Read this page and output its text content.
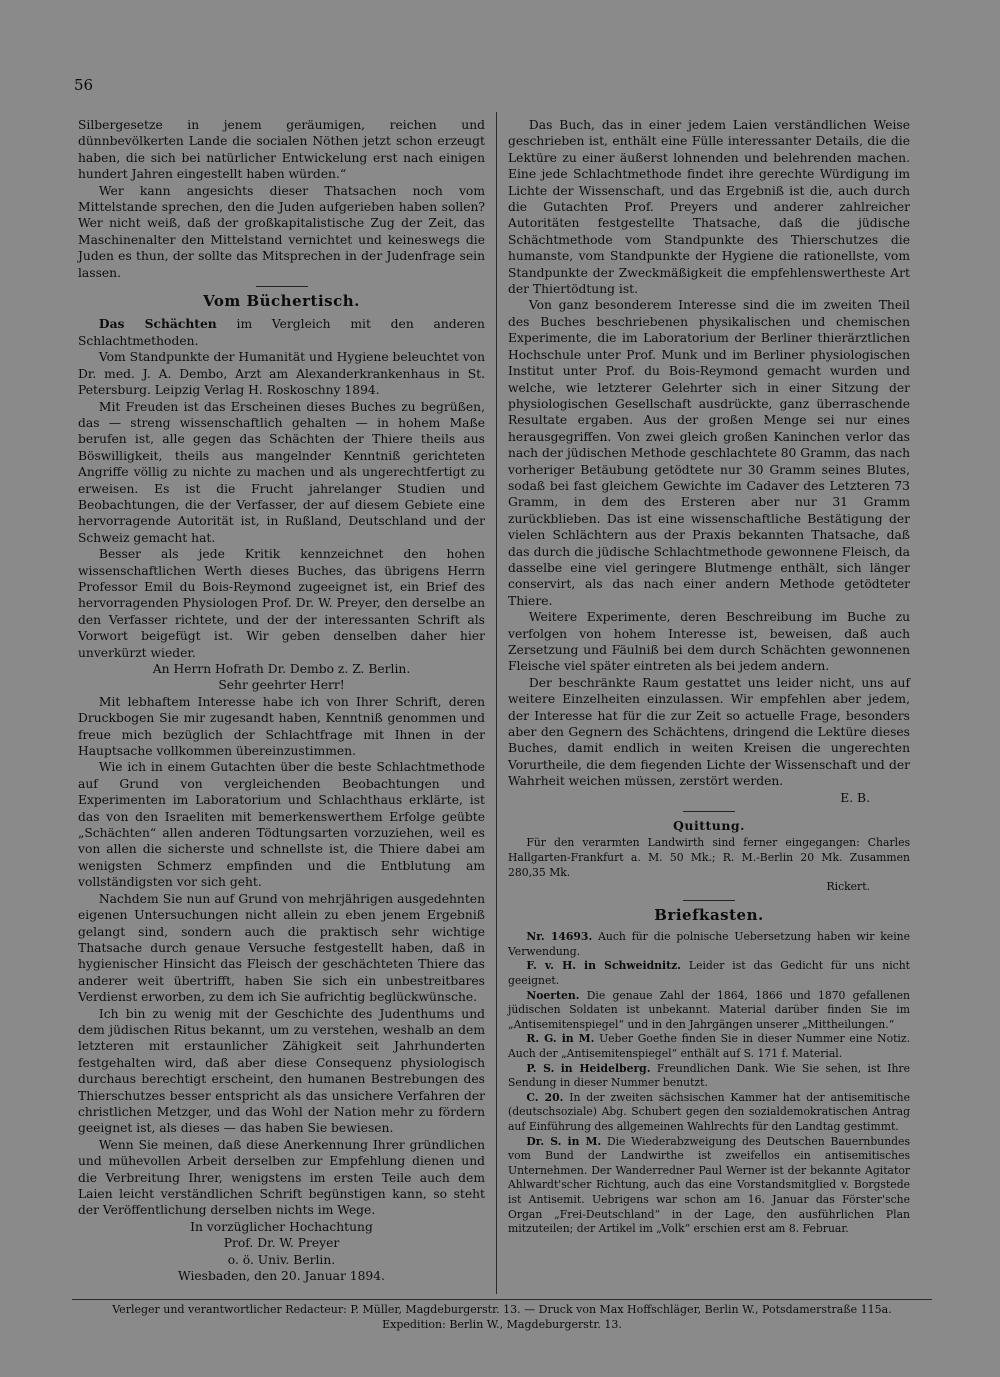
56

Silbergesetze in jenem geräumigen, reichen und dünnbevölkerten Lande die socialen Nöthen jetzt schon erzeugt haben, die sich bei natürlicher Entwickelung erst nach einigen hundert Jahren eingestellt haben würden.“

Wer kann angesichts dieser Thatsachen noch vom Mittelstande sprechen, den die Juden aufgerieben haben sollen? Wer nicht weiß, daß der großkapitalistische Zug der Zeit, das Maschinenalter den Mittelstand vernichtet und keineswegs die Juden es thun, der sollte das Mitsprechen in der Judenfrage sein lassen.

Vom Büchertisch.

Das Schächten im Vergleich mit den anderen Schlachtmethoden.

Vom Standpunkte der Humanität und Hygiene beleuchtet von Dr. med. J. A. Dembo, Arzt am Alexanderkrankenhaus in St. Petersburg. Leipzig Verlag H. Roskoschny 1894.

Mit Freuden ist das Erscheinen dieses Buches zu begrüßen, das — streng wissenschaftlich gehalten — in hohem Maße berufen ist, alle gegen das Schächten der Thiere theils aus Böswilligkeit, theils aus mangelnder Kenntniß gerichteten Angriffe völlig zu nichte zu machen und als ungerechtfertigt zu erweisen. Es ist die Frucht jahrelanger Studien und Beobachtungen, die der Verfasser, der auf diesem Gebiete eine hervorragende Autorität ist, in Rußland, Deutschland und der Schweiz gemacht hat.

Besser als jede Kritik kennzeichnet den hohen wissenschaftlichen Werth dieses Buches, das übrigens Herrn Professor Emil du Bois-Reymond zugeeignet ist, ein Brief des hervorragenden Physiologen Prof. Dr. W. Preyer, den derselbe an den Verfasser richtete, und der der interessanten Schrift als Vorwort beigefügt ist. Wir geben denselben daher hier unverkürzt wieder.

An Herrn Hofrath Dr. Dembo z. Z. Berlin.

Sehr geehrter Herr!

Mit lebhaftem Interesse habe ich von Ihrer Schrift, deren Druckbogen Sie mir zugesandt haben, Kenntniß genommen und freue mich bezüglich der Schlachtfrage mit Ihnen in der Hauptsache vollkommen übereinzustimmen.

Wie ich in einem Gutachten über die beste Schlachtmethode auf Grund von vergleichenden Beobachtungen und Experimenten im Laboratorium und Schlachthaus erklärte, ist das von den Israeliten mit bemerkenswerthem Erfolge geübte „Schächten“ allen anderen Tödtungsarten vorzuziehen, weil es von allen die sicherste und schnellste ist, die Thiere dabei am wenigsten Schmerz empfinden und die Entblutung am vollständigsten vor sich geht.

Nachdem Sie nun auf Grund von mehrjährigen ausgedehnten eigenen Untersuchungen nicht allein zu eben jenem Ergebniß gelangt sind, sondern auch die praktisch sehr wichtige Thatsache durch genaue Versuche festgestellt haben, daß in hygienischer Hinsicht das Fleisch der geschächteten Thiere das anderer weit übertrifft, haben Sie sich ein unbestreitbares Verdienst erworben, zu dem ich Sie aufrichtig beglückwünsche.

Ich bin zu wenig mit der Geschichte des Judenthums und dem jüdischen Ritus bekannt, um zu verstehen, weshalb an dem letzteren mit erstaunlicher Zähigkeit seit Jahrhunderten festgehalten wird, daß aber diese Consequenz physiologisch durchaus berechtigt erscheint, den humanen Bestrebungen des Thierschutzes besser entspricht als das unsichere Verfahren der christlichen Metzger, und das Wohl der Nation mehr zu fördern geeignet ist, als dieses — das haben Sie bewiesen.

Wenn Sie meinen, daß diese Anerkennung Ihrer gründlichen und mühevollen Arbeit derselben zur Empfehlung dienen und die Verbreitung Ihrer, wenigstens im ersten Teile auch dem Laien leicht verständlichen Schrift begünstigen kann, so steht der Veröffentlichung derselben nichts im Wege.

In vorzüglicher Hochachtung

Prof. Dr. W. Preyer

o. ö. Univ. Berlin.

Wiesbaden, den 20. Januar 1894.

Das Buch, das in einer jedem Laien verständlichen Weise geschrieben ist, enthält eine Fülle interessanter Details, die die Lektüre zu einer äußerst lohnenden und belehrenden machen. Eine jede Schlachtmethode findet ihre gerechte Würdigung im Lichte der Wissenschaft, und das Ergebniß ist die, auch durch die Gutachten Prof. Preyers und anderer zahlreicher Autoritäten festgestellte Thatsache, daß die jüdische Schächtmethode vom Standpunkte des Thierschutzes die humanste, vom Standpunkte der Hygiene die rationellste, vom Standpunkte der Zweckmäßigkeit die empfehlenswertheste Art der Thiertödtung ist.

Von ganz besonderem Interesse sind die im zweiten Theil des Buches beschriebenen physikalischen und chemischen Experimente, die im Laboratorium der Berliner thierärztlichen Hochschule unter Prof. Munk und im Berliner physiologischen Institut unter Prof. du Bois-Reymond gemacht wurden und welche, wie letzterer Gelehrter sich in einer Sitzung der physiologischen Gesellschaft ausdrückte, ganz überraschende Resultate ergaben. Aus der großen Menge sei nur eines herausgegriffen. Von zwei gleich großen Kaninchen verlor das nach der jüdischen Methode geschlachtete 80 Gramm, das nach vorheriger Betäubung getödtete nur 30 Gramm seines Blutes, sodaß bei fast gleichem Gewichte im Cadaver des Letzteren 73 Gramm, in dem des Ersteren aber nur 31 Gramm zurückblieben. Das ist eine wissenschaftliche Bestätigung der vielen Schlächtern aus der Praxis bekannten Thatsache, daß das durch die jüdische Schlachtmethode gewonnene Fleisch, da dasselbe eine viel geringere Blutmenge enthält, sich länger conservirt, als das nach einer andern Methode getödteter Thiere.

Weitere Experimente, deren Beschreibung im Buche zu verfolgen von hohem Interesse ist, beweisen, daß auch Zersetzung und Fäulniß bei dem durch Schächten gewonnenen Fleische viel später eintreten als bei jedem andern.

Der beschränkte Raum gestattet uns leider nicht, uns auf weitere Einzelheiten einzulassen. Wir empfehlen aber jedem, der Interesse hat für die zur Zeit so actuelle Frage, besonders aber den Gegnern des Schächtens, dringend die Lektüre dieses Buches, damit endlich in weiten Kreisen die ungerechten Vorurtheile, die dem fiegenden Lichte der Wissenschaft und der Wahrheit weichen müssen, zerstört werden.

E. B.

Quittung.

Für den verarmten Landwirth sind ferner eingegangen: Charles Hallgarten-Frankfurt a. M. 50 Mk.; R. M.-Berlin 20 Mk. Zusammen 280,35 Mk.

Rickert.

Briefkasten.

Nr. 14693. Auch für die polnische Uebersetzung haben wir keine Verwendung.

F. v. H. in Schweidnitz. Leider ist das Gedicht für uns nicht geeignet.

Noerten. Die genaue Zahl der 1864, 1866 und 1870 gefallenen jüdischen Soldaten ist unbekannt. Material darüber finden Sie im „Antisemitenspiegel“ und in den Jahrgängen unserer „Mittheilungen.“

R. G. in M. Ueber Goethe finden Sie in dieser Nummer eine Notiz. Auch der „Antisemitenspiegel“ enthält auf S. 171 f. Material.

P. S. in Heidelberg. Freundlichen Dank. Wie Sie sehen, ist Ihre Sendung in dieser Nummer benutzt.

C. 20. In der zweiten sächsischen Kammer hat der antisemitische (deutschsoziale) Abg. Schubert gegen den sozialdemokratischen Antrag auf Einführung des allgemeinen Wahlrechts für den Landtag gestimmt.

Dr. S. in M. Die Wiederabzweigung des Deutschen Bauernbundes vom Bund der Landwirthe ist zweifellos ein antisemitisches Unternehmen. Der Wanderredner Paul Werner ist der bekannte Agitator Ahlwardt'scher Richtung, auch das eine Vorstandsmitglied v. Borgstede ist Antisemit. Uebrigens war schon am 16. Januar das Förster'sche Organ „Frei-Deutschland“ in der Lage, den ausführlichen Plan mitzuteilen; der Artikel im „Volk“ erschien erst am 8. Februar.

Verleger und verantwortlicher Redacteur: P. Müller, Magdeburgerstr. 13. — Druck von Max Hoffschläger, Berlin W., Potsdamerstraße 115a.
Expedition: Berlin W., Magdeburgerstr. 13.
